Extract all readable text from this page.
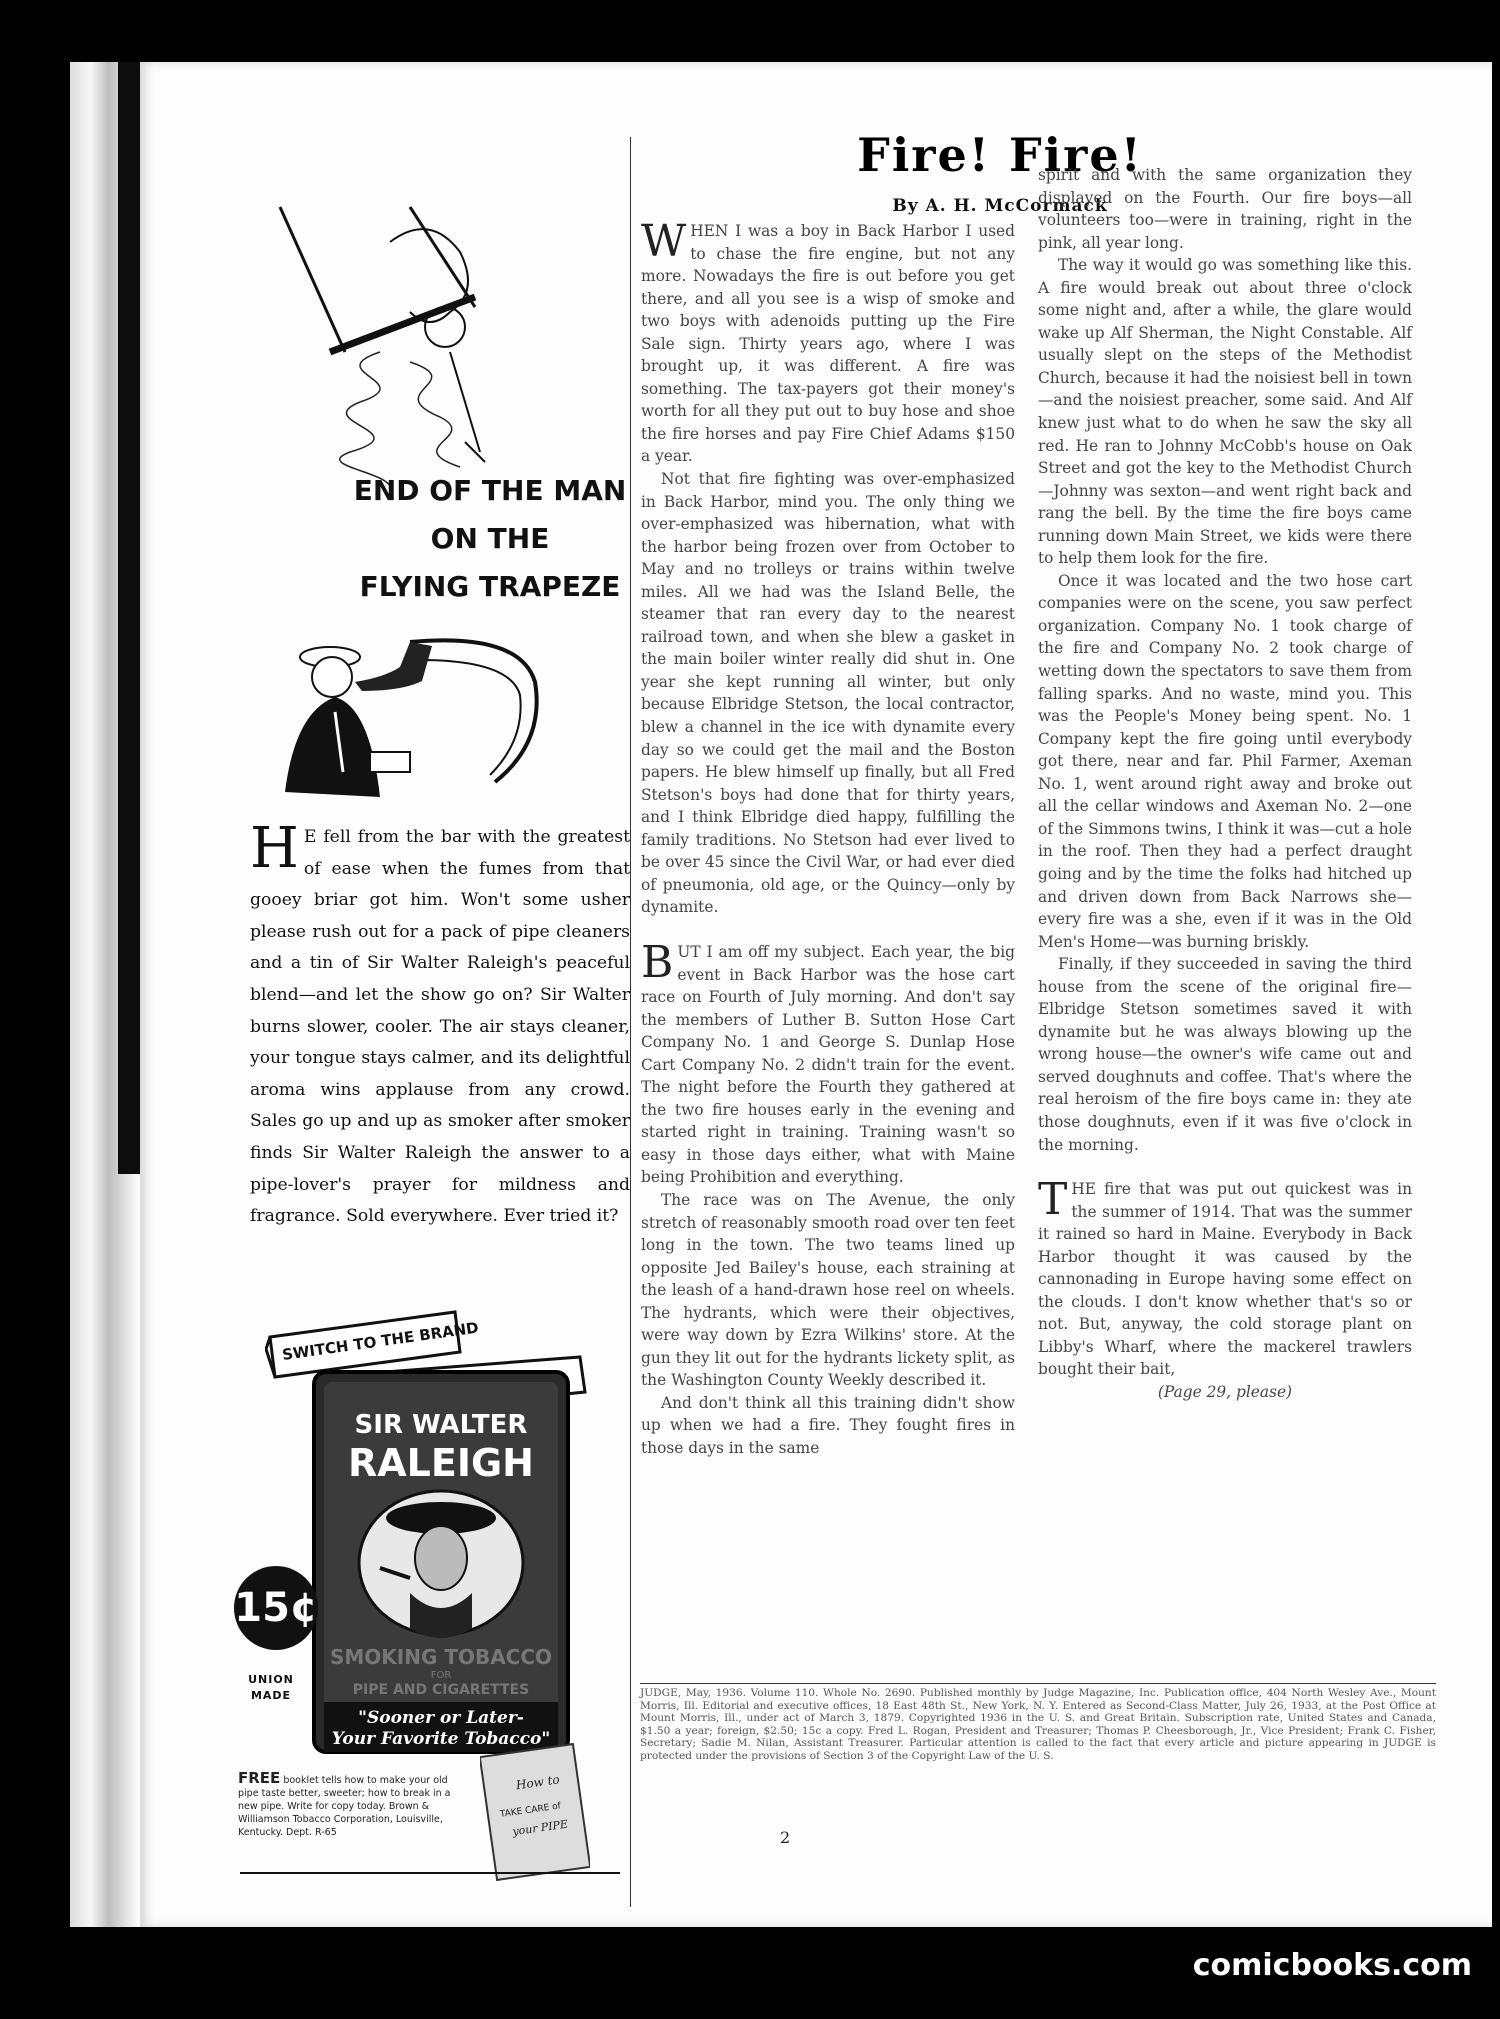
END OF THE MAN
ON THE
FLYING TRAPEZE
H E fell from the bar with the greatest of ease when the fumes from that gooey briar got him. Won't some usher please rush out for a pack of pipe cleaners and a tin of Sir Walter Raleigh's peaceful blend—and let the show go on? Sir Walter burns slower, cooler. The air stays cleaner, your tongue stays calmer, and its delightful aroma wins applause from any crowd. Sales go up and up as smoker after smoker finds Sir Walter Raleigh the answer to a pipe-lover's prayer for mildness and fragrance. Sold everywhere. Ever tried it?
SWITCH TO THE BRAND
SIR WALTER
RALEIGH
SMOKING TOBACCO
FOR
PIPE AND CIGARETTES
"Sooner or Later-
Your Favorite Tobacco"
15¢
UNION MADE
FREE booklet tells how to make your old pipe taste better, sweeter; how to break in a new pipe. Write for copy today. Brown & Williamson Tobacco Corporation, Louisville, Kentucky. Dept. R-65
How to
TAKE CARE of
your PIPE
Fire! Fire!
By A. H. McCormack

WHEN I was a boy in Back Harbor I used to chase the fire engine, but not any more. Nowadays the fire is out before you get there, and all you see is a wisp of smoke and two boys with adenoids putting up the Fire Sale sign. Thirty years ago, where I was brought up, it was different. A fire was something. The tax-payers got their money's worth for all they put out to buy hose and shoe the fire horses and pay Fire Chief Adams $150 a year.

Not that fire fighting was over-emphasized in Back Harbor, mind you. The only thing we over-emphasized was hibernation, what with the harbor being frozen over from October to May and no trolleys or trains within twelve miles. All we had was the Island Belle, the steamer that ran every day to the nearest railroad town, and when she blew a gasket in the main boiler winter really did shut in. One year she kept running all winter, but only because Elbridge Stetson, the local contractor, blew a channel in the ice with dynamite every day so we could get the mail and the Boston papers. He blew himself up finally, but all Fred Stetson's boys had done that for thirty years, and I think Elbridge died happy, fulfilling the family traditions. No Stetson had ever lived to be over 45 since the Civil War, or had ever died of pneumonia, old age, or the Quincy—only by dynamite.

BUT I am off my subject. Each year, the big event in Back Harbor was the hose cart race on Fourth of July morning. And don't say the members of Luther B. Sutton Hose Cart Company No. 1 and George S. Dunlap Hose Cart Company No. 2 didn't train for the event. The night before the Fourth they gathered at the two fire houses early in the evening and started right in training. Training wasn't so easy in those days either, what with Maine being Prohibition and everything.

The race was on The Avenue, the only stretch of reasonably smooth road over ten feet long in the town. The two teams lined up opposite Jed Bailey's house, each straining at the leash of a hand-drawn hose reel on wheels. The hydrants, which were their objectives, were way down by Ezra Wilkins' store. At the gun they lit out for the hydrants lickety split, as the Washington County Weekly described it.

And don't think all this training didn't show up when we had a fire. They fought fires in those days in the same

spirit and with the same organization they displayed on the Fourth. Our fire boys—all volunteers too—were in training, right in the pink, all year long.

The way it would go was something like this. A fire would break out about three o'clock some night and, after a while, the glare would wake up Alf Sherman, the Night Constable. Alf usually slept on the steps of the Methodist Church, because it had the noisiest bell in town—and the noisiest preacher, some said. And Alf knew just what to do when he saw the sky all red. He ran to Johnny McCobb's house on Oak Street and got the key to the Methodist Church —Johnny was sexton—and went right back and rang the bell. By the time the fire boys came running down Main Street, we kids were there to help them look for the fire.

Once it was located and the two hose cart companies were on the scene, you saw perfect organization. Company No. 1 took charge of the fire and Company No. 2 took charge of wetting down the spectators to save them from falling sparks. And no waste, mind you. This was the People's Money being spent. No. 1 Company kept the fire going until everybody got there, near and far. Phil Farmer, Axeman No. 1, went around right away and broke out all the cellar windows and Axeman No. 2—one of the Simmons twins, I think it was—cut a hole in the roof. Then they had a perfect draught going and by the time the folks had hitched up and driven down from Back Narrows she—every fire was a she, even if it was in the Old Men's Home—was burning briskly.

Finally, if they succeeded in saving the third house from the scene of the original fire—Elbridge Stetson sometimes saved it with dynamite but he was always blowing up the wrong house—the owner's wife came out and served doughnuts and coffee. That's where the real heroism of the fire boys came in: they ate those doughnuts, even if it was five o'clock in the morning.

THE fire that was put out quickest was in the summer of 1914. That was the summer it rained so hard in Maine. Everybody in Back Harbor thought it was caused by the cannonading in Europe having some effect on the clouds. I don't know whether that's so or not. But, anyway, the cold storage plant on Libby's Wharf, where the mackerel trawlers bought their bait,

(Page 29, please)

JUDGE, May, 1936. Volume 110. Whole No. 2690. Published monthly by Judge Magazine, Inc. Publication office, 404 North Wesley Ave., Mount Morris, Ill. Editorial and executive offices, 18 East 48th St., New York, N. Y. Entered as Second-Class Matter, July 26, 1933, at the Post Office at Mount Morris, Ill., under act of March 3, 1879. Copyrighted 1936 in the U. S. and Great Britain. Subscription rate, United States and Canada, $1.50 a year; foreign, $2.50; 15c a copy. Fred L. Rogan, President and Treasurer; Thomas P. Cheesborough, Jr., Vice President; Frank C. Fisher, Secretary; Sadie M. Nilan, Assistant Treasurer. Particular attention is called to the fact that every article and picture appearing in JUDGE is protected under the provisions of Section 3 of the Copyright Law of the U. S.
2
comicbooks.com
